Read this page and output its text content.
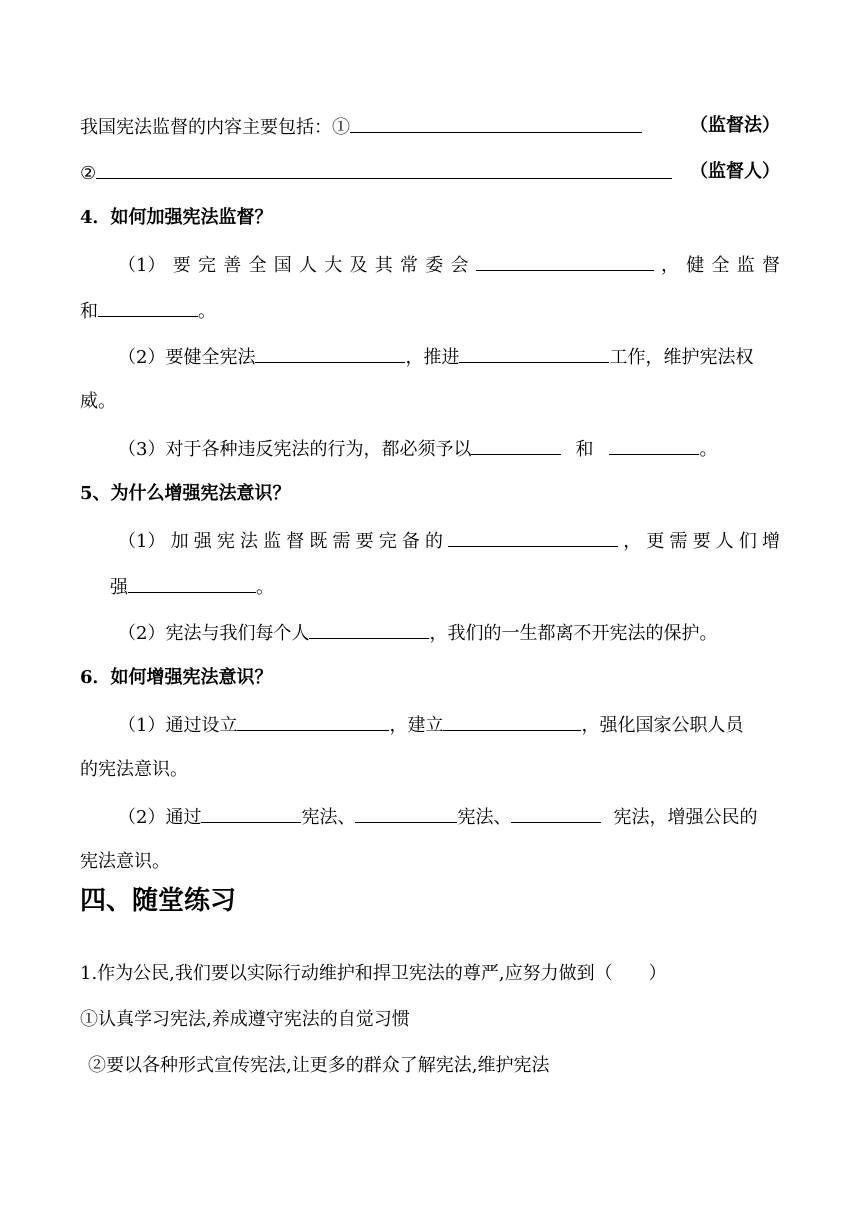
我国宪法监督的内容主要包括：①	（监督法）
②	（监督人）
4．如何加强宪法监督？
（1） 要 完 善 全 国 人 大 及 其 常 委 会	， 健 全 监 督
和	。
（2）要健全宪法	，推进	工作，维护宪法权
威。
（3）对于各种违反宪法的行为，都必须予以	和	。
5、为什么增强宪法意识？
（1） 加 强 宪 法 监 督 既 需 要 完 备 的	， 更 需 要 人 们 增
强	。
（2）宪法与我们每个人	，我们的一生都离不开宪法的保护。
6．如何增强宪法意识？
（1）通过设立	，建立	，强化国家公职人员
的宪法意识。
（2）通过	宪法、	宪法、	宪法，增强公民的
宪法意识。
四、随堂练习
1.作为公民,我们要以实际行动维护和捍卫宪法的尊严,应努力做到（　　）
①认真学习宪法,养成遵守宪法的自觉习惯
②要以各种形式宣传宪法,让更多的群众了解宪法,维护宪法
